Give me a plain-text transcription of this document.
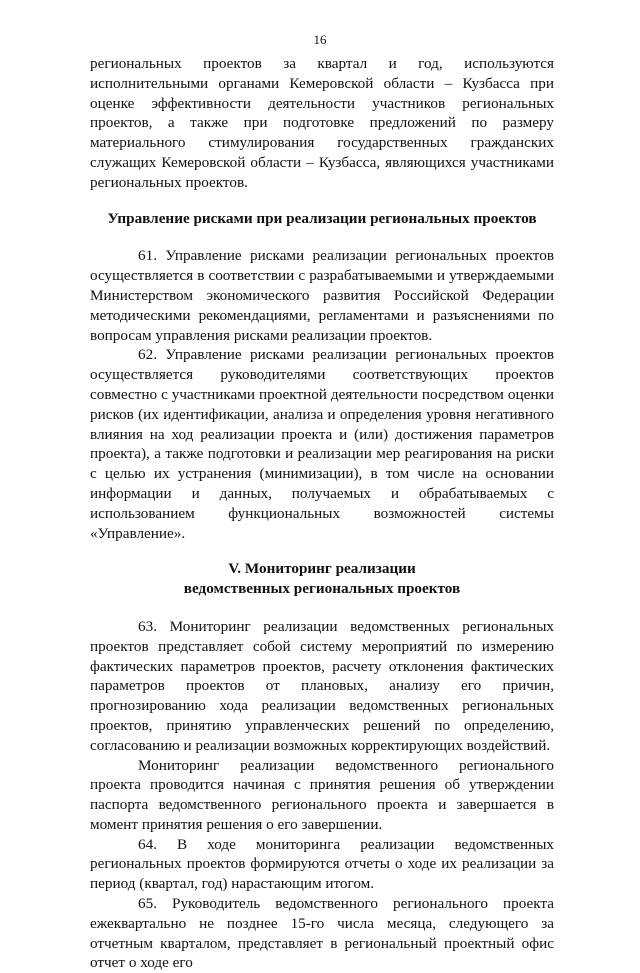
16

региональных проектов за квартал и год, используются исполнительными органами Кемеровской области – Кузбасса при оценке эффективности деятельности участников региональных проектов, а также при подготовке предложений по размеру материального стимулирования государственных гражданских служащих Кемеровской области – Кузбасса, являющихся участниками региональных проектов.

Управление рисками при реализации региональных проектов

61. Управление рисками реализации региональных проектов осуществляется в соответствии с разрабатываемыми и утверждаемыми Министерством экономического развития Российской Федерации методическими рекомендациями, регламентами и разъяснениями по вопросам управления рисками реализации проектов.

62. Управление рисками реализации региональных проектов осуществляется руководителями соответствующих проектов совместно с участниками проектной деятельности посредством оценки рисков (их идентификации, анализа и определения уровня негативного влияния на ход реализации проекта и (или) достижения параметров проекта), а также подготовки и реализации мер реагирования на риски с целью их устранения (минимизации), в том числе на основании информации и данных, получаемых и обрабатываемых с использованием функциональных возможностей системы «Управление».

V. Мониторинг реализации
ведомственных региональных проектов

63. Мониторинг реализации ведомственных региональных проектов представляет собой систему мероприятий по измерению фактических параметров проектов, расчету отклонения фактических параметров проектов от плановых, анализу его причин, прогнозированию хода реализации ведомственных региональных проектов, принятию управленческих решений по определению, согласованию и реализации возможных корректирующих воздействий.

Мониторинг реализации ведомственного регионального проекта проводится начиная с принятия решения об утверждении паспорта ведомственного регионального проекта и завершается в момент принятия решения о его завершении.

64. В ходе мониторинга реализации ведомственных региональных проектов формируются отчеты о ходе их реализации за период (квартал, год) нарастающим итогом.

65. Руководитель ведомственного регионального проекта ежеквартально не позднее 15-го числа месяца, следующего за отчетным кварталом, представляет в региональный проектный офис отчет о ходе его
